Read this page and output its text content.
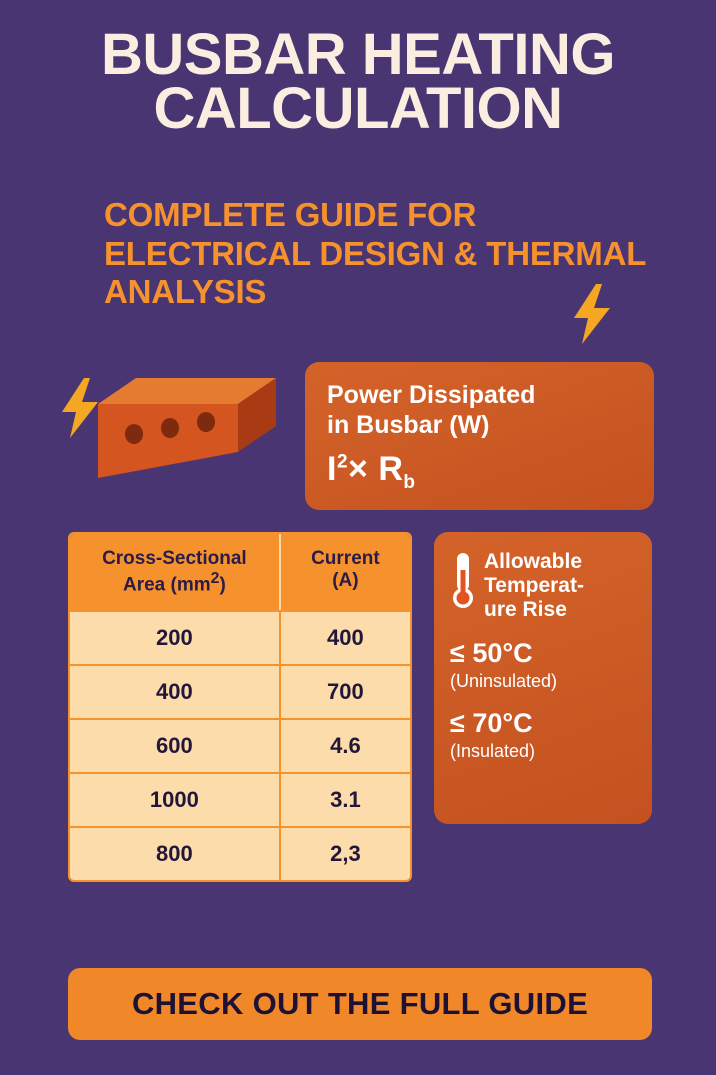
BUSBAR HEATING CALCULATION
COMPLETE GUIDE FOR ELECTRICAL DESIGN & THERMAL ANALYSIS
Power Dissipated
in Busbar (W)
$I^2\times R_b$
Cross-Sectional
Area $(mm^2)$
Current
(A)
200	400
400	700
600	4.6
1000	3.1
800	2,3
Allowable
Temperat-
ure Rise
≤ 50°C
(Uninsulated)
≤ 70°C
(Insulated)
CHECK OUT THE FULL GUIDE
